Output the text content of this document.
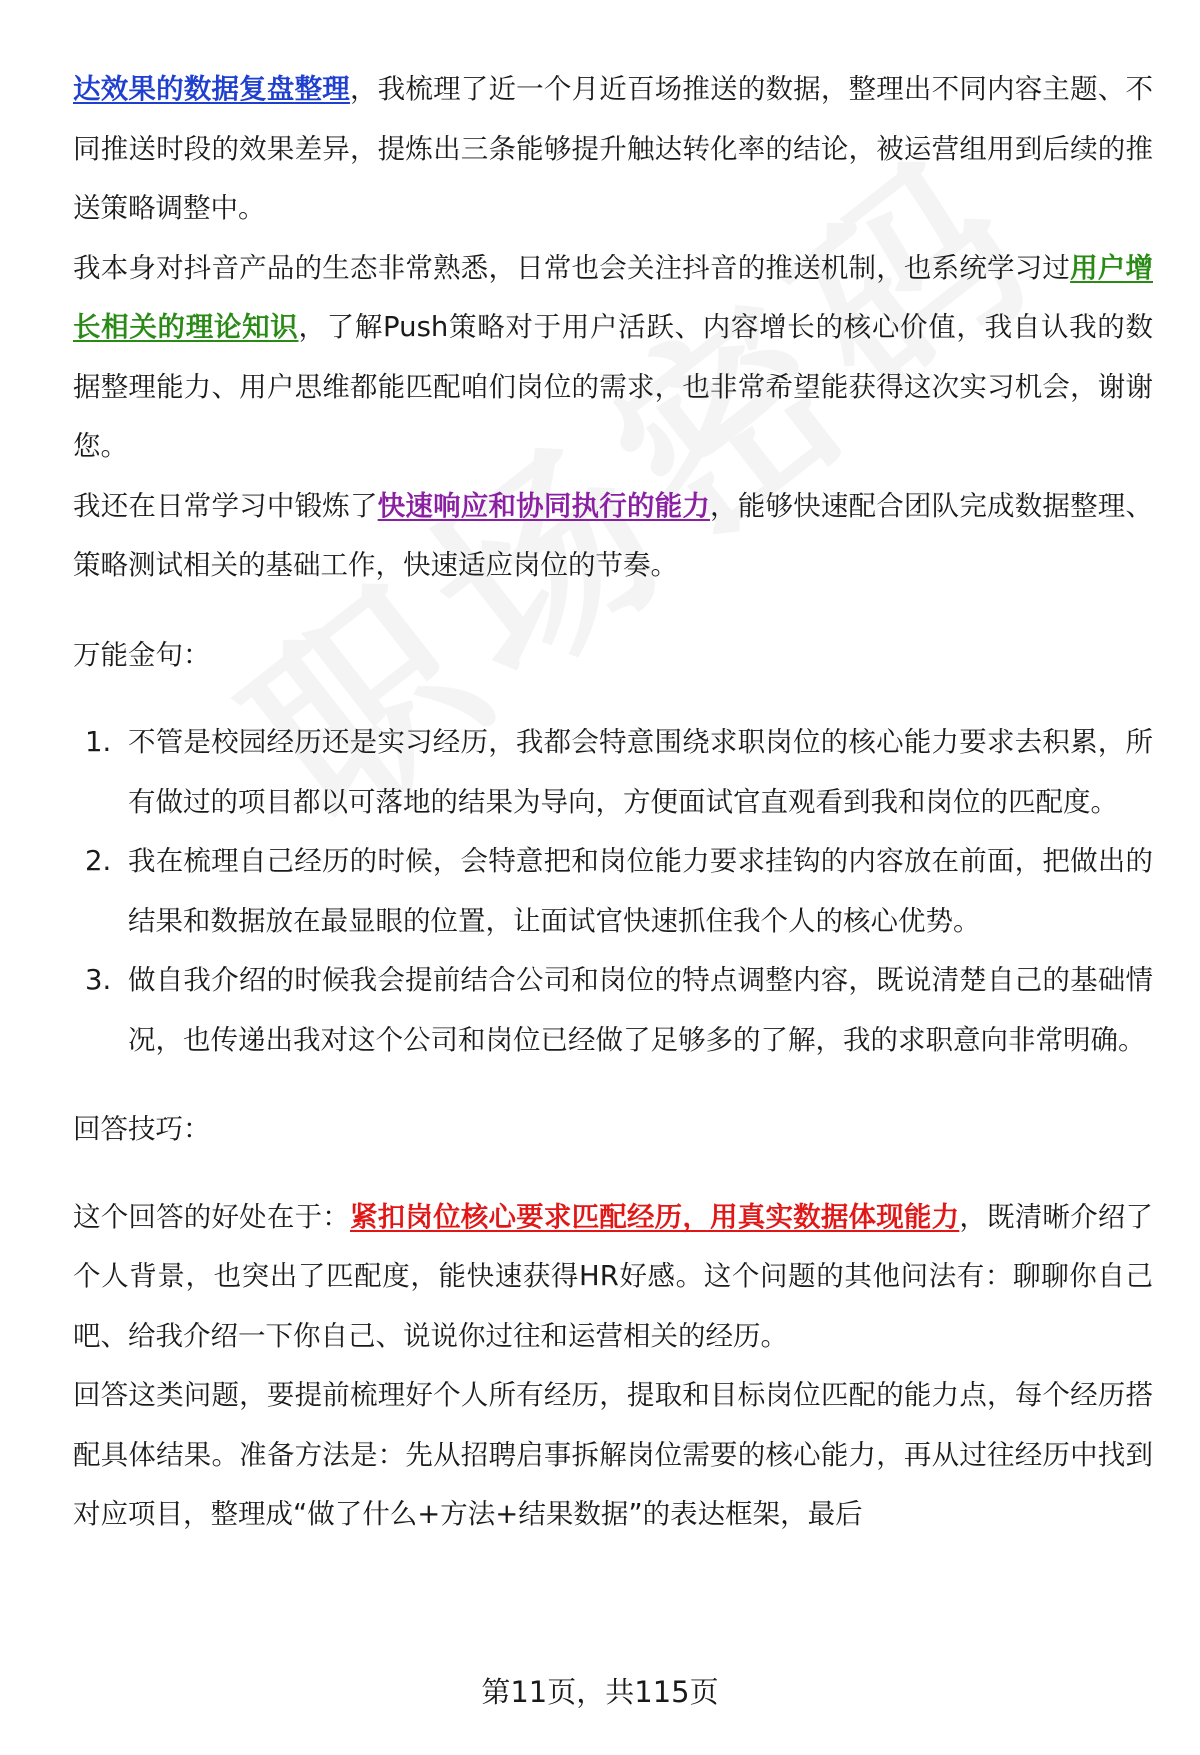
达效果的数据复盘整理，我梳理了近一个月近百场推送的数据，整理出不同内容主题、不同推送时段的效果差异，提炼出三条能够提升触达转化率的结论，被运营组用到后续的推送策略调整中。

我本身对抖音产品的生态非常熟悉，日常也会关注抖音的推送机制，也系统学习过用户增长相关的理论知识，了解Push策略对于用户活跃、内容增长的核心价值，我自认我的数据整理能力、用户思维都能匹配咱们岗位的需求，也非常希望能获得这次实习机会，谢谢您。

我还在日常学习中锻炼了快速响应和协同执行的能力，能够快速配合团队完成数据整理、策略测试相关的基础工作，快速适应岗位的节奏。

万能金句：

1. 不管是校园经历还是实习经历，我都会特意围绕求职岗位的核心能力要求去积累，所有做过的项目都以可落地的结果为导向，方便面试官直观看到我和岗位的匹配度。
2. 我在梳理自己经历的时候，会特意把和岗位能力要求挂钩的内容放在前面，把做出的结果和数据放在最显眼的位置，让面试官快速抓住我个人的核心优势。
3. 做自我介绍的时候我会提前结合公司和岗位的特点调整内容，既说清楚自己的基础情况，也传递出我对这个公司和岗位已经做了足够多的了解，我的求职意向非常明确。

回答技巧：

这个回答的好处在于：紧扣岗位核心要求匹配经历，用真实数据体现能力，既清晰介绍了个人背景，也突出了匹配度，能快速获得HR好感。这个问题的其他问法有：聊聊你自己吧、给我介绍一下你自己、说说你过往和运营相关的经历。

回答这类问题，要提前梳理好个人所有经历，提取和目标岗位匹配的能力点，每个经历搭配具体结果。准备方法是：先从招聘启事拆解岗位需要的核心能力，再从过往经历中找到对应项目，整理成“做了什么+方法+结果数据”的表达框架，最后

第11页，共115页
